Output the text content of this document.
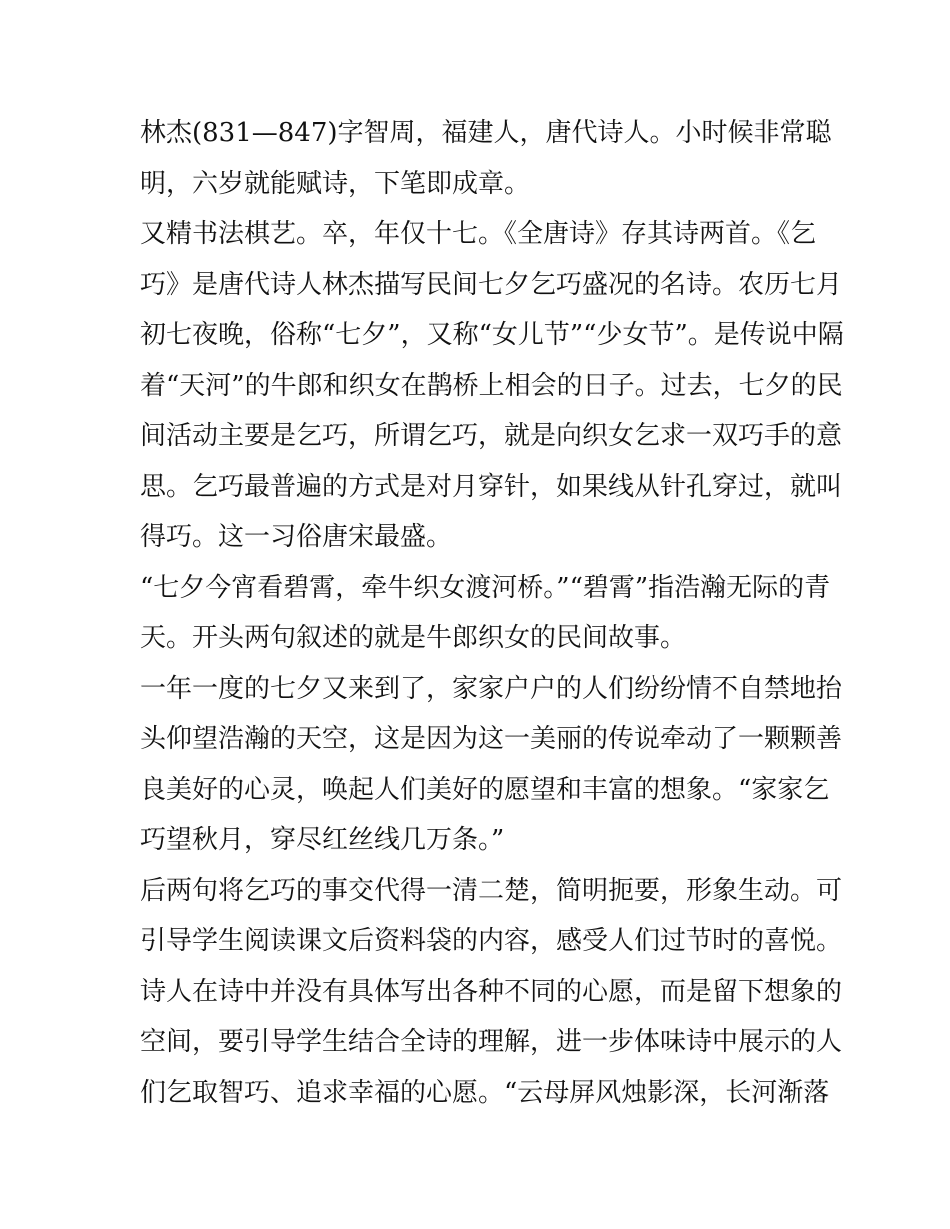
林杰(831—847)字智周，福建人，唐代诗人。小时候非常聪

明，六岁就能赋诗，下笔即成章。

又精书法棋艺。卒，年仅十七。《全唐诗》存其诗两首。《乞

巧》是唐代诗人林杰描写民间七夕乞巧盛况的名诗。农历七月

初七夜晚，俗称“七夕”，又称“女儿节”“少女节”。是传说中隔

着“天河”的牛郎和织女在鹊桥上相会的日子。过去，七夕的民

间活动主要是乞巧，所谓乞巧，就是向织女乞求一双巧手的意

思。乞巧最普遍的方式是对月穿针，如果线从针孔穿过，就叫

得巧。这一习俗唐宋最盛。

“七夕今宵看碧霄，牵牛织女渡河桥。”“碧霄”指浩瀚无际的青

天。开头两句叙述的就是牛郎织女的民间故事。

一年一度的七夕又来到了，家家户户的人们纷纷情不自禁地抬

头仰望浩瀚的天空，这是因为这一美丽的传说牵动了一颗颗善

良美好的心灵，唤起人们美好的愿望和丰富的想象。“家家乞

巧望秋月，穿尽红丝线几万条。”

后两句将乞巧的事交代得一清二楚，简明扼要，形象生动。可

引导学生阅读课文后资料袋的内容，感受人们过节时的喜悦。

诗人在诗中并没有具体写出各种不同的心愿，而是留下想象的

空间，要引导学生结合全诗的理解，进一步体味诗中展示的人

们乞取智巧、追求幸福的心愿。“云母屏风烛影深，长河渐落
